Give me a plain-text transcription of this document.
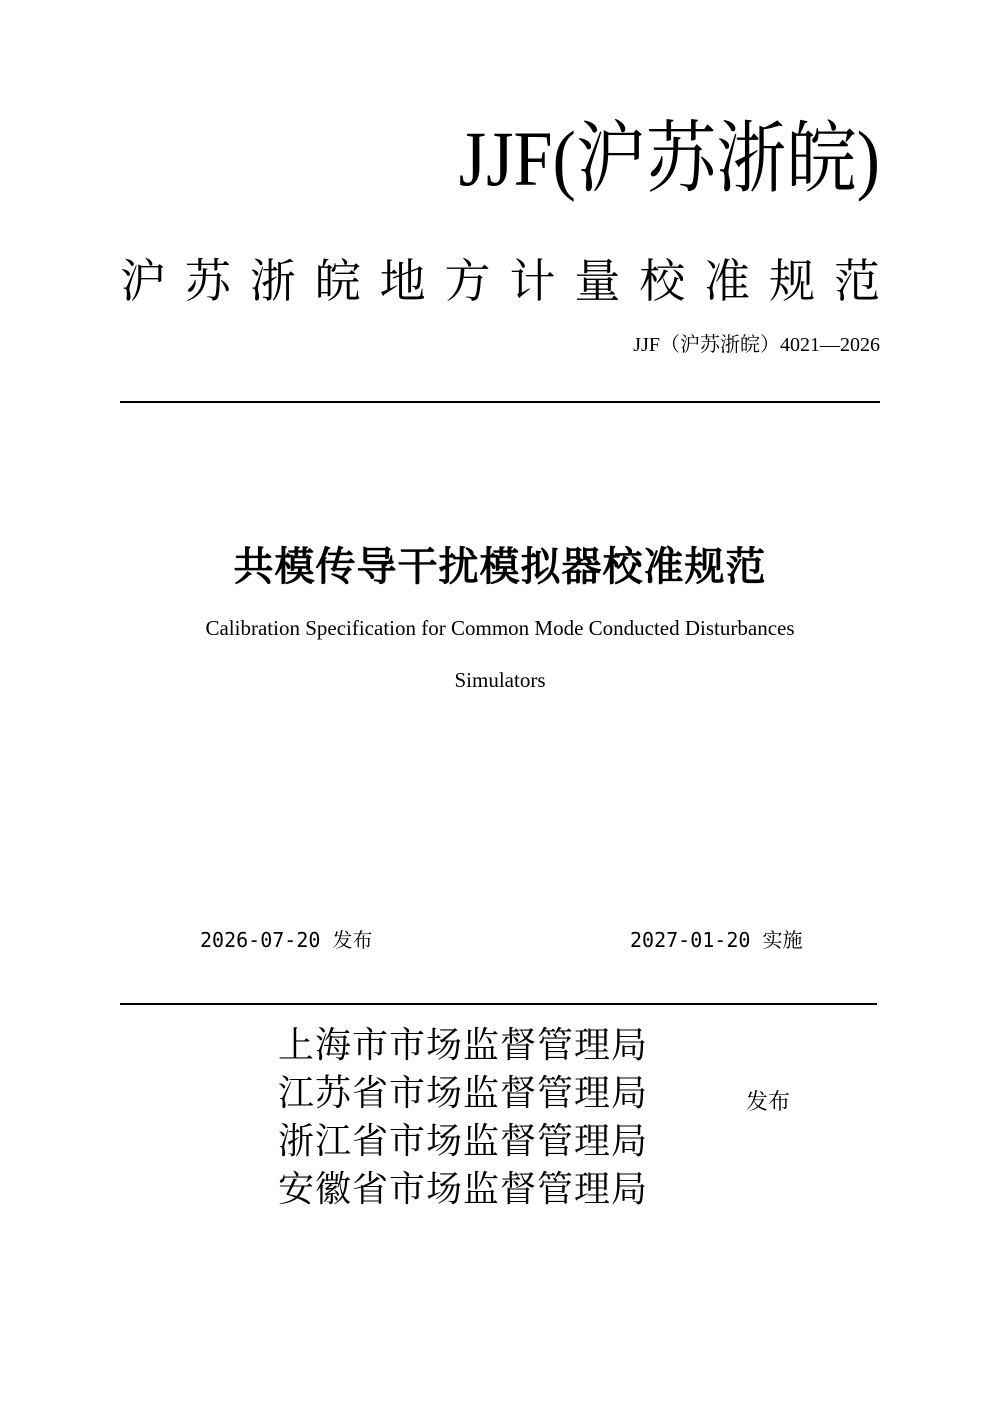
JJF(沪苏浙皖)
沪 苏 浙 皖 地 方 计 量 校 准 规 范
JJF（沪苏浙皖）4021—2026
共模传导干扰模拟器校准规范
Calibration Specification for Common Mode Conducted Disturbances
Simulators
2026-07-20 发布	2027-01-20 实施
上海市市场监督管理局
江苏省市场监督管理局
浙江省市场监督管理局
安徽省市场监督管理局
发布
